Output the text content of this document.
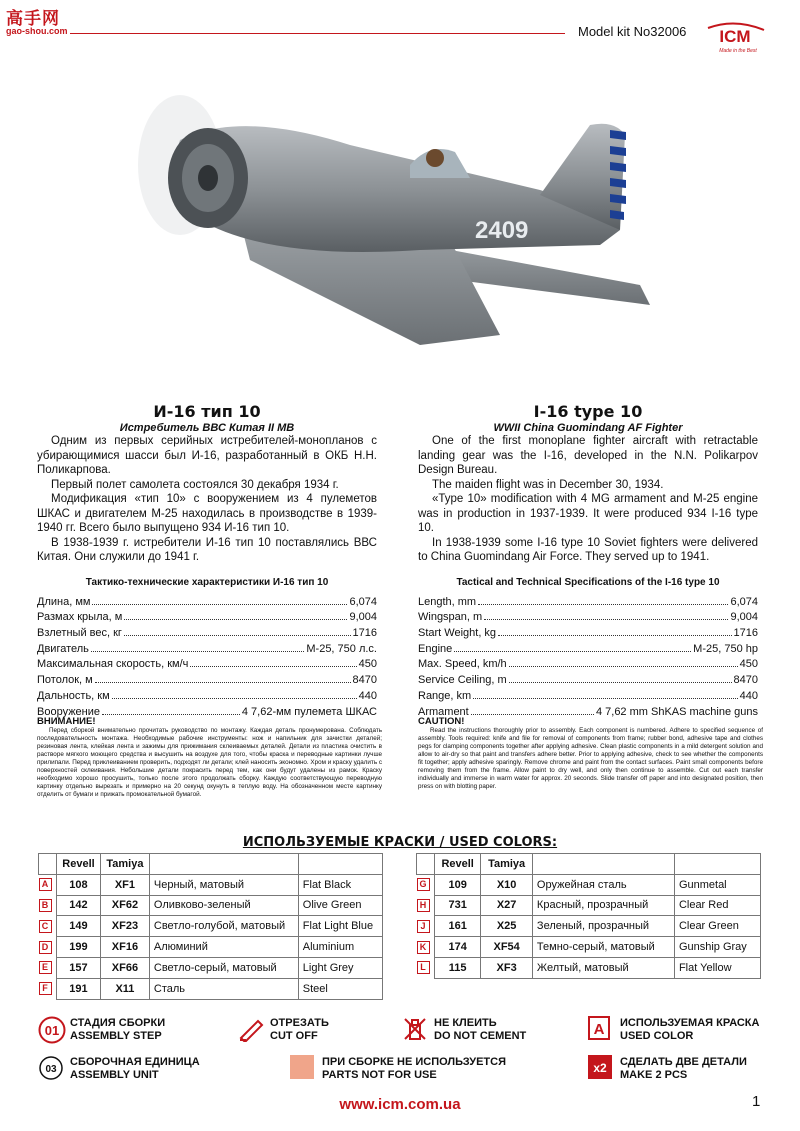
高手网
gao-shou.com	Model kit No32006 ICM
Made in the Best
2409
И-16 тип 10
Истребитель ВВС Китая II МВ
Одним из первых серийных истребителей-монопланов с убирающимися шасси был И-16, разработанный в ОКБ Н.Н. Поликарпова.
Первый полет самолета состоялся 30 декабря 1934 г.
Модификация «тип 10» с вооружением из 4 пулеметов ШКАС и двигателем М-25 находилась в производстве в 1939-1940 гг. Всего было выпущено 934 И-16 тип 10.
В 1938-1939 г. истребители И-16 тип 10 поставлялись ВВС Китая. Они служили до 1941 г.
I-16 type 10
WWII China Guomindang AF Fighter
One of the first monoplane fighter aircraft with retractable landing gear was the I-16, developed in the N.N. Polikarpov Design Bureau.
The maiden flight was in December 30, 1934.
«Type 10» modification with 4 MG armament and M-25 engine was in production in 1937-1939. It were produced 934 I-16 type 10.
In 1938-1939 some I-16 type 10 Soviet fighters were delivered to China Guomindang Air Force. They served up to 1941.
Тактико-технические характеристики И-16 тип 10
Длина, мм	6,074
Размах крыла, м	9,004
Взлетный вес, кг	1716
Двигатель	М-25, 750 л.с.
Максимальная скорость, км/ч	450
Потолок, м	8470
Дальность, км	440
Вооружение	4 7,62-мм пулемета ШКАС
Tactical and Technical Specifications of the I-16 type 10
Length, mm	6,074
Wingspan, m	9,004
Start Weight, kg	1716
Engine	M-25, 750 hp
Max. Speed, km/h	450
Service Ceiling, m	8470
Range, km	440
Armament	4 7,62 mm ShKAS machine guns
ВНИМАНИЕ!
Перед сборкой внимательно прочитать руководство по монтажу. Каждая деталь пронумерована. Соблюдать последовательность монтажа. Необходимые рабочие инструменты: нож и напильник для зачистки деталей; резиновая лента, клейкая лента и зажимы для прижимания склеиваемых деталей. Детали из пластика очистить в растворе мягкого моющего средства и высушить на воздухе для того, чтобы краска и переводные картинки лучше прилипали. Перед приклеиванием проверить, подходят ли детали; клей наносить экономно. Хром и краску удалить с поверхностей склеивания. Небольшие детали покрасить перед тем, как они будут удалены из рамок. Краску необходимо хорошо просушить, только после этого продолжать сборку. Каждую соответствующую переводную картинку отдельно вырезать и примерно на 20 секунд окунуть в теплую воду. На обозначенном месте картинку отделить от бумаги и прижать промокательной бумагой.
CAUTION!
Read the instructions thoroughly prior to assembly. Each component is numbered. Adhere to specified sequence of assembly. Tools required: knife and file for removal of components from frame; rubber bond, adhesive tape and clothes pegs for clamping components together after applying adhesive. Clean plastic components in a mild detergent solution and allow to air-dry so that paint and transfers adhere better. Prior to applying adhesive, check to see whether the components fit together; apply adhesive sparingly. Remove chrome and paint from the contact surfaces. Paint small components before removing them from the frame. Allow paint to dry well, and only then continue to assemble. Cut out each transfer individually and immerse in warm water for approx. 20 seconds. Slide transfer off paper and into designated position, then press on with blotting paper.
ИСПОЛЬЗУЕМЫЕ КРАСКИ / USED COLORS:
	Revell	Tamiya		
A	108	XF1	Черный, матовый	Flat Black
B	142	XF62	Оливково-зеленый	Olive Green
C	149	XF23	Светло-голубой, матовый	Flat Light Blue
D	199	XF16	Алюминий	Aluminium
E	157	XF66	Светло-серый, матовый	Light Grey
F	191	X11	Сталь	Steel
	Revell	Tamiya		
G	109	X10	Оружейная сталь	Gunmetal
H	731	X27	Красный, прозрачный	Clear Red
J	161	X25	Зеленый, прозрачный	Clear Green
K	174	XF54	Темно-серый, матовый	Gunship Gray
L	115	XF3	Желтый, матовый	Flat Yellow
01 СТАДИЯ СБОРКИ
ASSEMBLY STEP
ОТРЕЗАТЬ
CUT OFF
НЕ КЛЕИТЬ
DO NOT CEMENT	A ИСПОЛЬЗУЕМАЯ КРАСКА
USED COLOR
03
СБОРОЧНАЯ ЕДИНИЦА
ASSEMBLY UNIT
ПРИ СБОРКЕ НЕ ИСПОЛЬЗУЕТСЯ
PARTS NOT FOR USE	x2 СДЕЛАТЬ ДВЕ ДЕТАЛИ
MAKE 2 PCS
www.icm.com.ua	1
